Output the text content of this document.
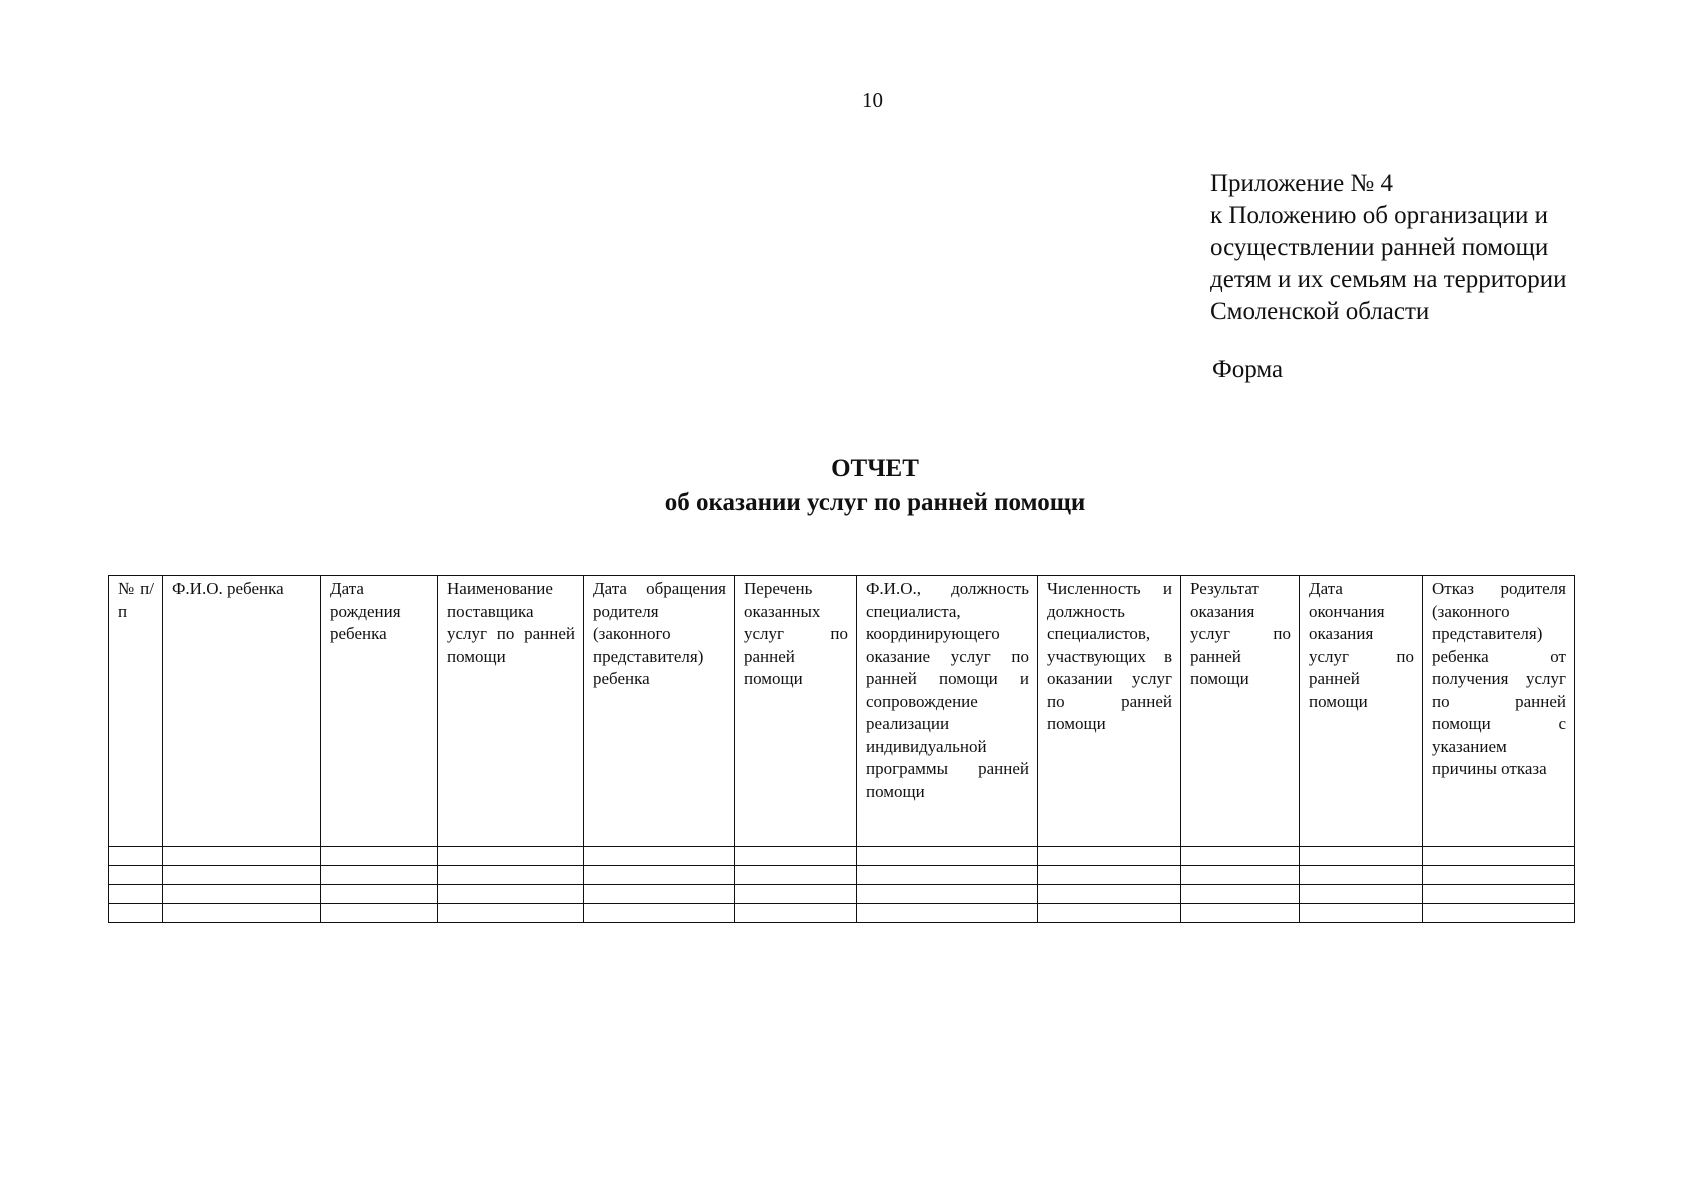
10
Приложение № 4
к Положению об организации и
осуществлении ранней помощи
детям и их семьям на территории
Смоленской области
Форма
ОТЧЕТ
об оказании услуг по ранней помощи
№ п/п	Ф.И.О. ребенка	Дата рождения ребенка	Наименование поставщика услуг по ранней помощи	Дата обращения родителя (законного представителя) ребенка	Перечень оказанных услуг по ранней помощи	Ф.И.О., должность специалиста, координирующего оказание услуг по ранней помощи и сопровождение реализации индивидуальной программы ранней помощи	Численность и должность специалистов, участвующих в оказании услуг по ранней помощи	Результат оказания услуг по ранней помощи	Дата окончания оказания услуг по ранней помощи	Отказ родителя (законного представителя) ребенка от получения услуг по ранней помощи с указанием причины отказа
